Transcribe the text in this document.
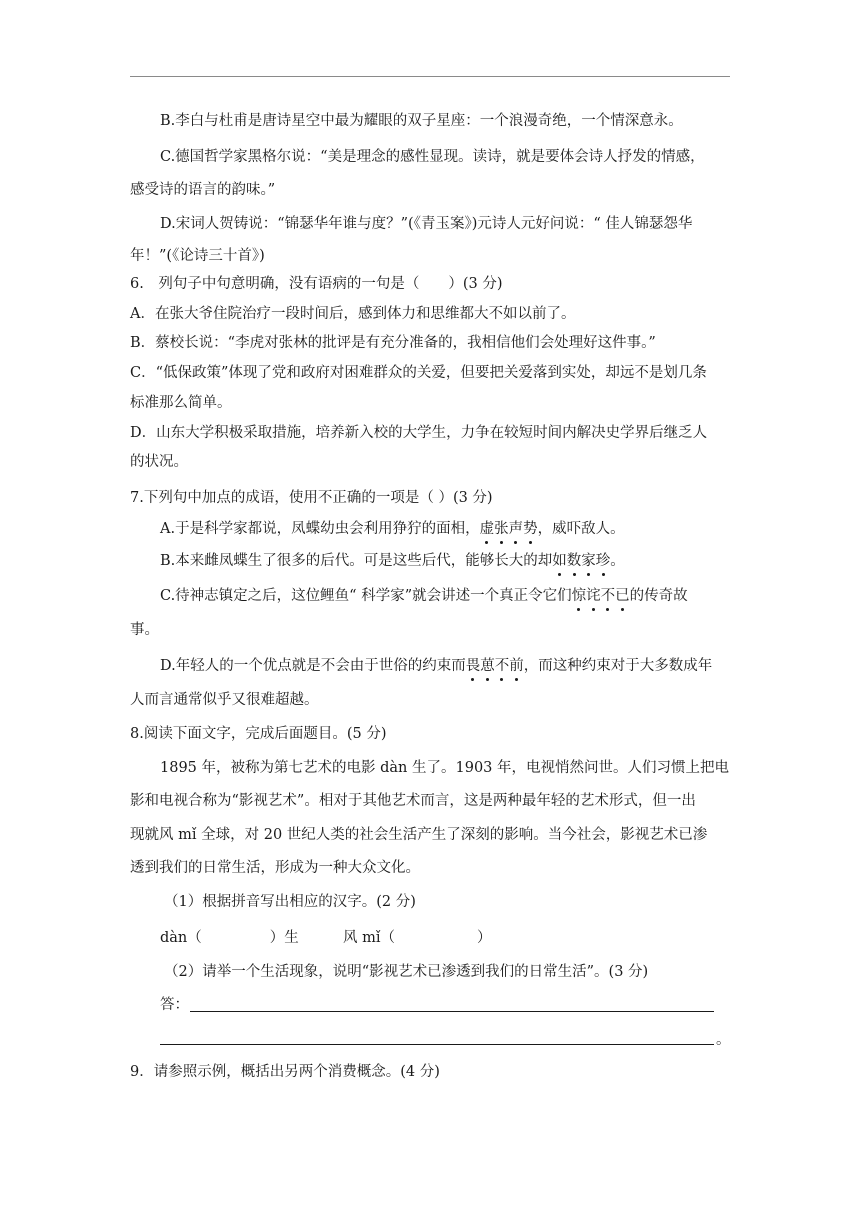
B.李白与杜甫是唐诗星空中最为耀眼的双子星座：一个浪漫奇绝，一个情深意永。
C.德国哲学家黑格尔说：“美是理念的感性显现。读诗，就是要体会诗人抒发的情感，
感受诗的语言的韵味。”
D.宋词人贺铸说：“锦瑟华年谁与度？”(《青玉案》)元诗人元好问说：“ 佳人锦瑟怨华
年！”(《论诗三十首》)
6.　列句子中句意明确，没有语病的一句是（　　）(3 分)
A．在张大爷住院治疗一段时间后，感到体力和思维都大不如以前了。
B．蔡校长说：“李虎对张林的批评是有充分准备的，我相信他们会处理好这件事。”
C．“低保政策”体现了党和政府对困难群众的关爱，但要把关爱落到实处，却远不是划几条
标准那么简单。
D．山东大学积极采取措施，培养新入校的大学生，力争在较短时间内解决史学界后继乏人
的状况。
7.下列句中加点的成语，使用不正确的一项是（ ）(3 分)
A.于是科学家都说，凤蝶幼虫会利用狰狞的面相，虚张声势，威吓敌人。
B.本来雌凤蝶生了很多的后代。可是这些后代，能够长大的却如数家珍。
C.待神志镇定之后，这位鲤鱼“ 科学家”就会讲述一个真正令它们惊诧不已的传奇故
事。
D.年轻人的一个优点就是不会由于世俗的约束而畏葸不前，而这种约束对于大多数成年
人而言通常似乎又很难超越。
8.阅读下面文字，完成后面题目。(5 分)
1895 年，被称为第七艺术的电影 dàn 生了。1903 年，电视悄然问世。人们习惯上把电
影和电视合称为“影视艺术”。相对于其他艺术而言，这是两种最年轻的艺术形式，但一出
现就风 mǐ 全球，对 20 世纪人类的社会生活产生了深刻的影响。当今社会，影视艺术已渗
透到我们的日常生活，形成为一种大众文化。
（1）根据拼音写出相应的汉字。(2 分)
dàn（	）生	风 mǐ（	）
（2）请举一个生活现象，说明“影视艺术已渗透到我们的日常生活”。(3 分)
答：
。
9．请参照示例，概括出另两个消费概念。(4 分)
